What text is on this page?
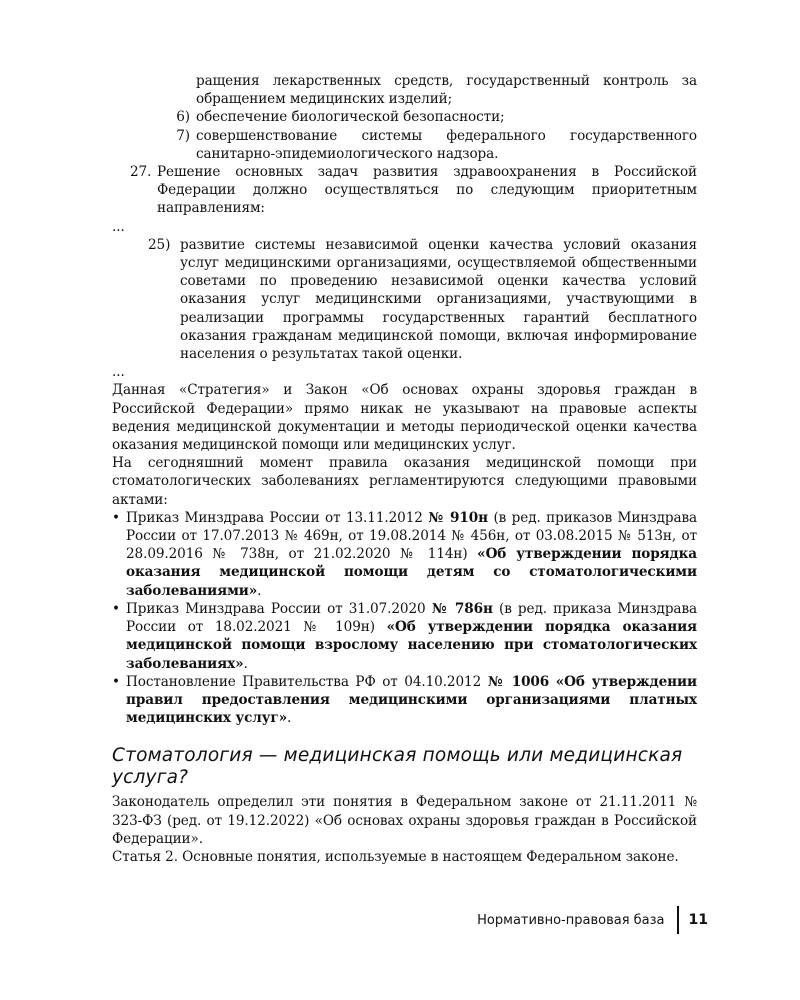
ращения лекарственных средств, государственный контроль за обращением медицинских изделий;

6) обеспечение биологической безопасности;

7) совершенствование системы федерального государственного санитарно-эпидемиологического надзора.

27. Решение основных задач развития здравоохранения в Российской Федерации должно осуществляться по следующим приоритетным направлениям:

...

25) развитие системы независимой оценки качества условий оказания услуг медицинскими организациями, осуществляемой общественными советами по проведению независимой оценки качества условий оказания услуг медицинскими организациями, участвующими в реализации программы государственных гарантий бесплатного оказания гражданам медицинской помощи, включая информирование населения о результатах такой оценки.

...

Данная «Стратегия» и Закон «Об основах охраны здоровья граждан в Российской Федерации» прямо никак не указывают на правовые аспекты ведения медицинской документации и методы периодической оценки качества оказания медицинской помощи или медицинских услуг.

На сегодняшний момент правила оказания медицинской помощи при стоматологических заболеваниях регламентируются следующими правовыми актами:

• Приказ Минздрава России от 13.11.2012 № 910н (в ред. приказов Минздрава России от 17.07.2013 № 469н, от 19.08.2014 № 456н, от 03.08.2015 № 513н, от 28.09.2016 № 738н, от 21.02.2020 № 114н) «Об утверждении порядка оказания медицинской помощи детям со стоматологическими заболеваниями».

• Приказ Минздрава России от 31.07.2020 № 786н (в ред. приказа Минздрава России от 18.02.2021 № 109н) «Об утверждении порядка оказания медицинской помощи взрослому населению при стоматологических заболеваниях».

• Постановление Правительства РФ от 04.10.2012 № 1006 «Об утверждении правил предоставления медицинскими организациями платных медицинских услуг».

Стоматология — медицинская помощь или медицинская услуга?

Законодатель определил эти понятия в Федеральном законе от 21.11.2011 № 323-ФЗ (ред. от 19.12.2022) «Об основах охраны здоровья граждан в Российской Федерации».

Статья 2. Основные понятия, используемые в настоящем Федеральном законе.

Нормативно-правовая база 11
